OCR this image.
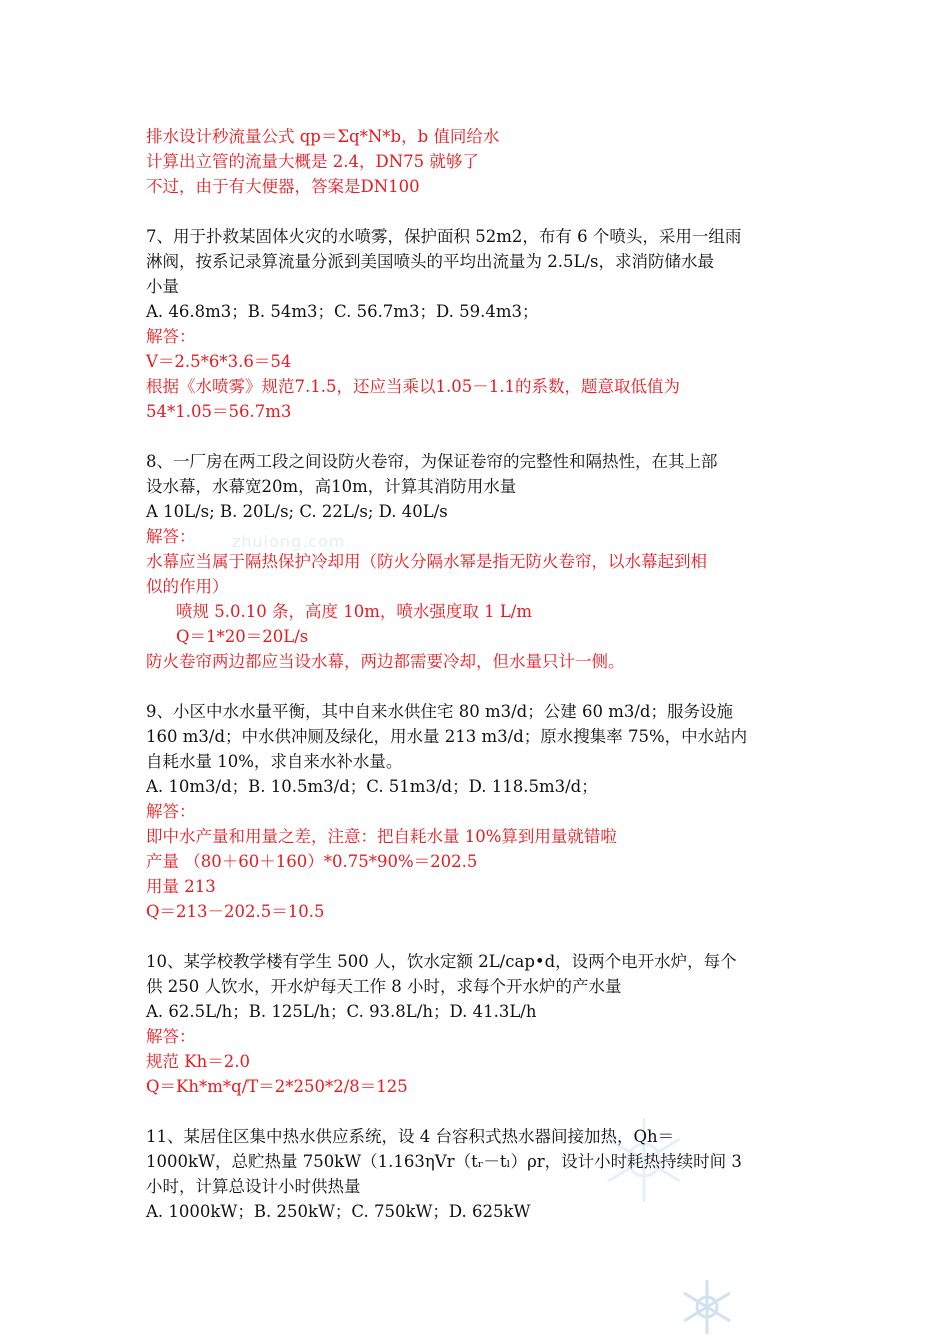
zhulong.com
排水设计秒流量公式 qp＝Σq*N*b，b 值同给水
计算出立管的流量大概是 2.4，DN75 就够了
不过，由于有大便器，答案是DN100
7、用于扑救某固体火灾的水喷雾，保护面积 52m2，布有 6 个喷头，采用一组雨
淋阀，按系记录算流量分派到美国喷头的平均出流量为 2.5L/s，求消防储水最
小量
A. 46.8m3；B. 54m3；C. 56.7m3；D. 59.4m3；
解答：
V＝2.5*6*3.6＝54
根据《水喷雾》规范7.1.5，还应当乘以1.05－1.1的系数，题意取低值为
54*1.05＝56.7m3
8、一厂房在两工段之间设防火卷帘，为保证卷帘的完整性和隔热性，在其上部
设水幕，水幕宽20m，高10m，计算其消防用水量
A 10L/s; B. 20L/s; C. 22L/s; D. 40L/s
解答：
水幕应当属于隔热保护冷却用（防火分隔水幂是指无防火卷帘，以水幕起到相
似的作用）
喷规 5.0.10 条，高度 10m，喷水强度取 1 L/m
Q＝1*20＝20L/s
防火卷帘两边都应当设水幕，两边都需要冷却，但水量只计一侧。
9、小区中水水量平衡，其中自来水供住宅 80 m3/d；公建 60 m3/d；服务设施
160 m3/d；中水供冲厕及绿化，用水量 213 m3/d；原水搜集率 75%，中水站内
自耗水量 10%，求自来水补水量。
A. 10m3/d；B. 10.5m3/d；C. 51m3/d；D. 118.5m3/d；
解答：
即中水产量和用量之差，注意：把自耗水量 10%算到用量就错啦
产量 （80＋60＋160）*0.75*90%＝202.5
用量 213
Q＝213－202.5＝10.5
10、某学校教学楼有学生 500 人，饮水定额 2L/cap•d，设两个电开水炉，每个
供 250 人饮水，开水炉每天工作 8 小时，求每个开水炉的产水量
A. 62.5L/h；B. 125L/h；C. 93.8L/h；D. 41.3L/h
解答：
规范 Kh＝2.0
Q＝Kh*m*q/T＝2*250*2/8＝125
11、某居住区集中热水供应系统，设 4 台容积式热水器间接加热，Qh＝
1000kW，总贮热量 750kW（1.163ηVr（tᵣ－tₗ）ρr，设计小时耗热持续时间 3
小时，计算总设计小时供热量
A. 1000kW；B. 250kW；C. 750kW；D. 625kW
